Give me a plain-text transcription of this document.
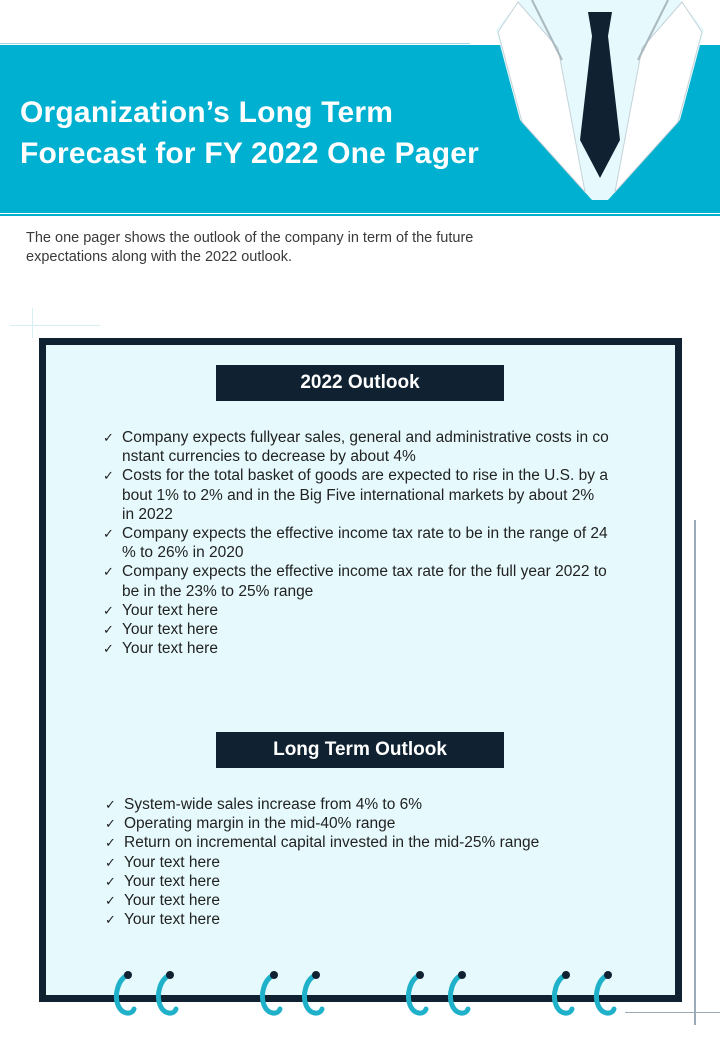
Organization’s Long Term
Forecast for FY 2022 One Pager
The one pager shows the outlook of the company in term of the future
expectations along with the 2022 outlook.
2022 Outlook
✓ Company expects fullyear sales, general and administrative costs in co
nstant currencies to decrease by about 4%
✓ Costs for the total basket of goods are expected to rise in the U.S. by a
bout 1% to 2% and in the Big Five international markets by about 2%
in 2022
✓ Company expects the effective income tax rate to be in the range of 24
% to 26% in 2020
✓ Company expects the effective income tax rate for the full year 2022 to
be in the 23% to 25% range
✓ Your text here
✓ Your text here
✓ Your text here
Long Term Outlook
✓ System-wide sales increase from 4% to 6%
✓ Operating margin in the mid-40% range
✓ Return on incremental capital invested in the mid-25% range
✓ Your text here
✓ Your text here
✓ Your text here
✓ Your text here
